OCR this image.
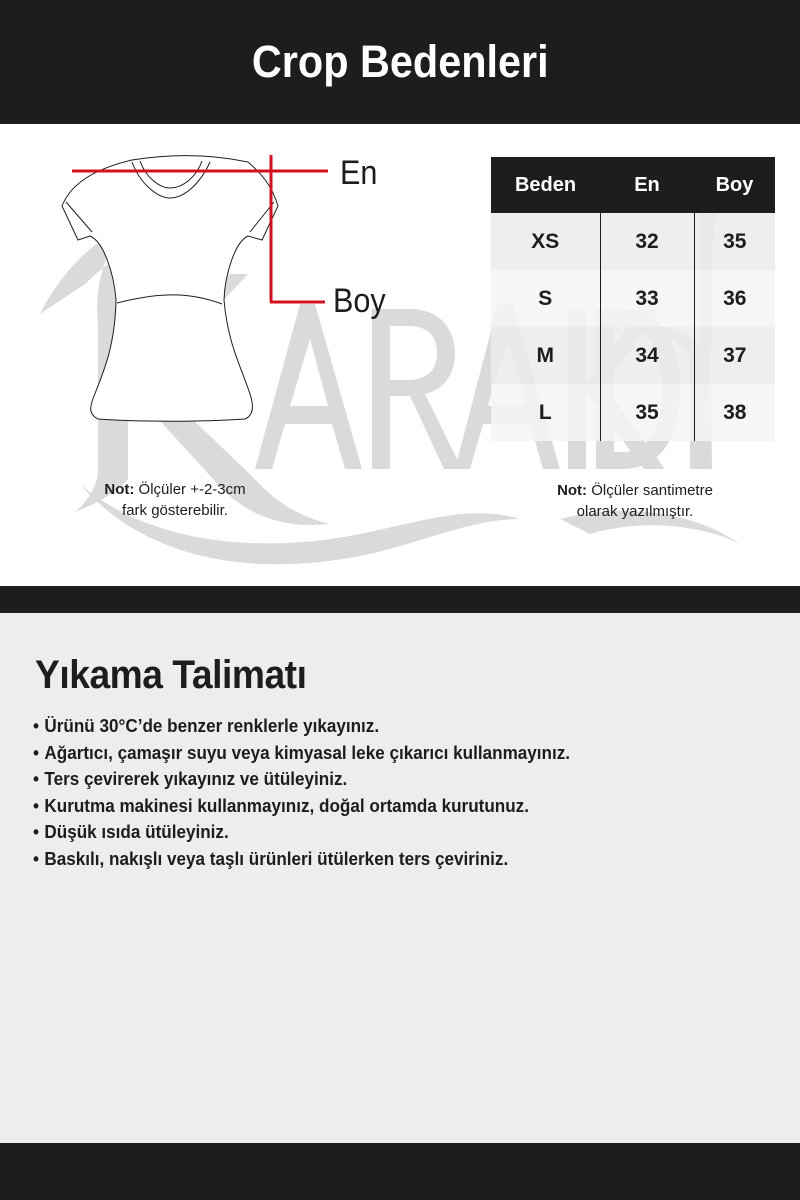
Crop Bedenleri
En
Boy
Beden	En	Boy
XS	32	35
S	33	36
M	34	37
L	35	38
Not: Ölçüler +-2-3cm
fark gösterebilir.
Not: Ölçüler santimetre
olarak yazılmıştır.
Yıkama Talimatı
• Ürünü 30°C’de benzer renklerle yıkayınız.
• Ağartıcı, çamaşır suyu veya kimyasal leke çıkarıcı kullanmayınız.
• Ters çevirerek yıkayınız ve ütüleyiniz.
• Kurutma makinesi kullanmayınız, doğal ortamda kurutunuz.
• Düşük ısıda ütüleyiniz.
• Baskılı, nakışlı veya taşlı ürünleri ütülerken ters çeviriniz.
